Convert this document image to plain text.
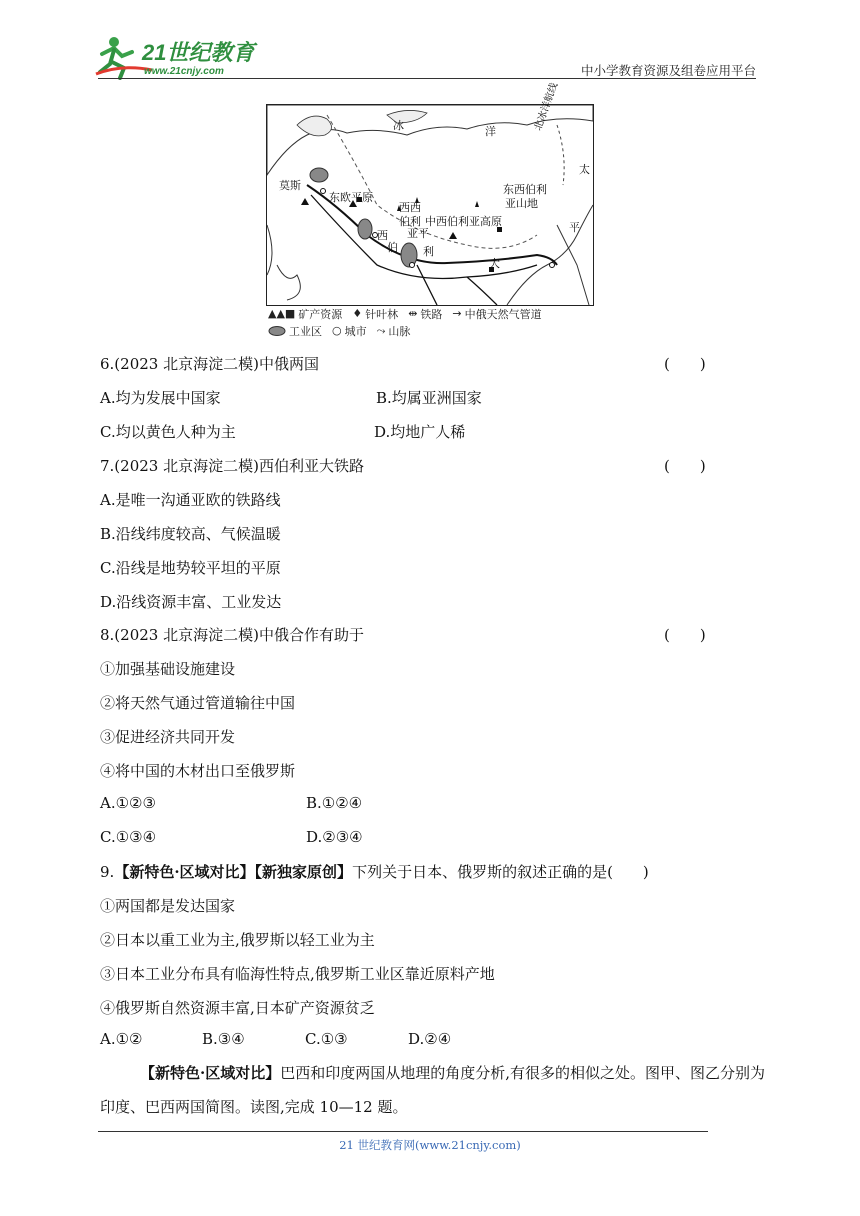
21世纪教育
www.21cnjy.com	中小学教育资源及组卷应用平台
冰	洋
太
平
莫斯
东欧平原
西西
伯利 中西伯利亚高原
亚平
东西伯利
亚山地
西
伯 利
大
北冰洋航线
▲▲■ 矿产资源 ♦ 针叶林 ⇹ 铁路 → 中俄天然气管道
工业区 ○ 城市 ⤳ 山脉
6.(2023 北京海淀二模)中俄两国	(　　)
A.均为发展中国家	B.均属亚洲国家
C.均以黄色人种为主	D.均地广人稀
7.(2023 北京海淀二模)西伯利亚大铁路	(　　)
A.是唯一沟通亚欧的铁路线
B.沿线纬度较高、气候温暖
C.沿线是地势较平坦的平原
D.沿线资源丰富、工业发达
8.(2023 北京海淀二模)中俄合作有助于	(　　)
①加强基础设施建设
②将天然气通过管道输往中国
③促进经济共同开发
④将中国的木材出口至俄罗斯
A.①②③	B.①②④
C.①③④	D.②③④
9.【新特色·区域对比】【新独家原创】下列关于日本、俄罗斯的叙述正确的是(　　)
①两国都是发达国家
②日本以重工业为主,俄罗斯以轻工业为主
③日本工业分布具有临海性特点,俄罗斯工业区靠近原料产地
④俄罗斯自然资源丰富,日本矿产资源贫乏
A.①②	B.③④	C.①③	D.②④
【新特色·区域对比】巴西和印度两国从地理的角度分析,有很多的相似之处。图甲、图乙分别为印度、巴西两国简图。读图,完成 10—12 题。
21 世纪教育网(www.21cnjy.com)
